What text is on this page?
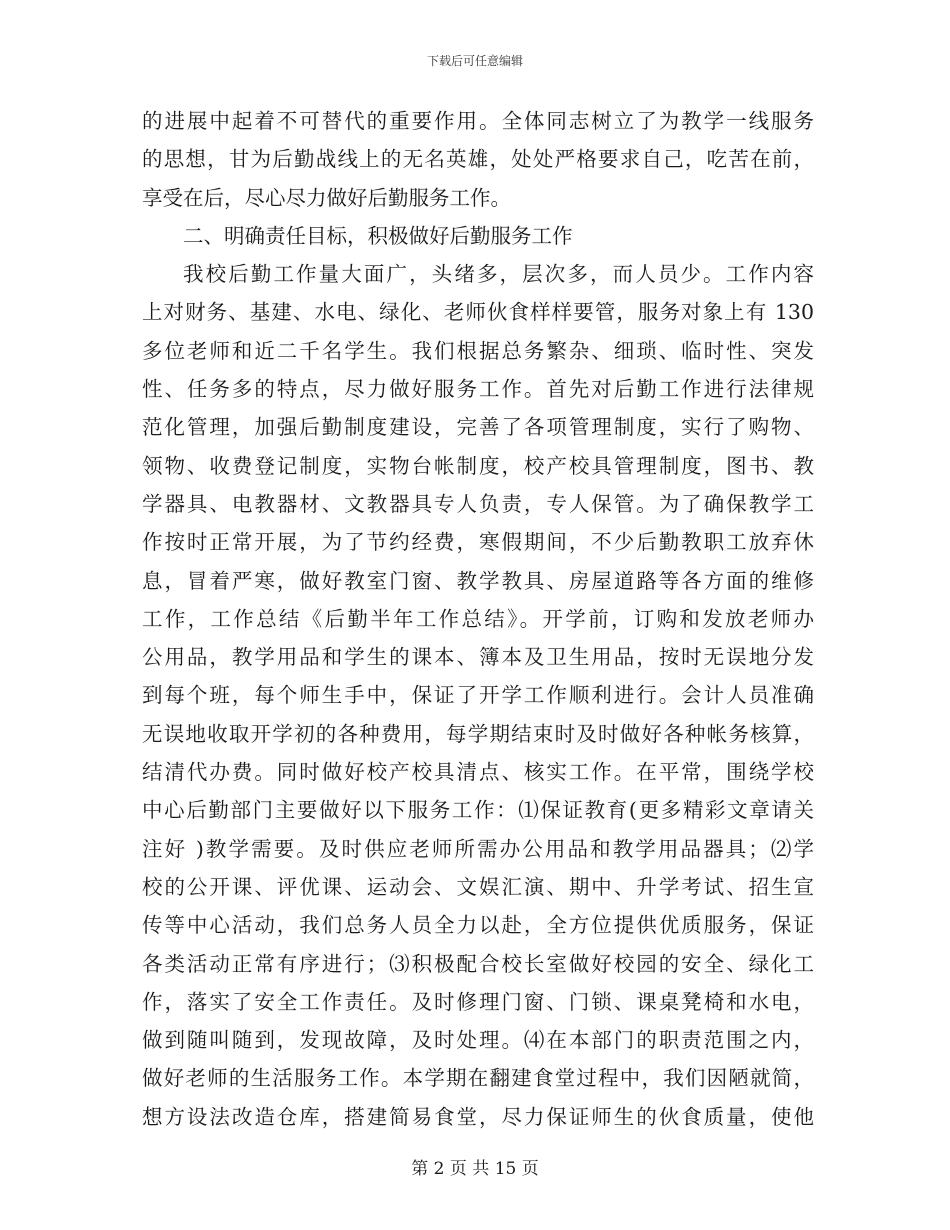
下载后可任意编辑
的进展中起着不可替代的重要作用。全体同志树立了为教学一线服务
的思想，甘为后勤战线上的无名英雄，处处严格要求自己，吃苦在前，
享受在后，尽心尽力做好后勤服务工作。
二、明确责任目标，积极做好后勤服务工作
我校后勤工作量大面广，头绪多，层次多，而人员少。工作内容
上对财务、基建、水电、绿化、老师伙食样样要管，服务对象上有 130
多位老师和近二千名学生。我们根据总务繁杂、细琐、临时性、突发
性、任务多的特点，尽力做好服务工作。首先对后勤工作进行法律规
范化管理，加强后勤制度建设，完善了各项管理制度，实行了购物、
领物、收费登记制度，实物台帐制度，校产校具管理制度，图书、教
学器具、电教器材、文教器具专人负责，专人保管。为了确保教学工
作按时正常开展，为了节约经费，寒假期间，不少后勤教职工放弃休
息，冒着严寒，做好教室门窗、教学教具、房屋道路等各方面的维修
工作，工作总结《后勤半年工作总结》。开学前，订购和发放老师办
公用品，教学用品和学生的课本、簿本及卫生用品，按时无误地分发
到每个班，每个师生手中，保证了开学工作顺利进行。会计人员准确
无误地收取开学初的各种费用，每学期结束时及时做好各种帐务核算，
结清代办费。同时做好校产校具清点、核实工作。在平常，围绕学校
中心后勤部门主要做好以下服务工作：⑴保证教育(更多精彩文章请关
注好 )教学需要。及时供应老师所需办公用品和教学用品器具；⑵学
校的公开课、评优课、运动会、文娱汇演、期中、升学考试、招生宣
传等中心活动，我们总务人员全力以赴，全方位提供优质服务，保证
各类活动正常有序进行；⑶积极配合校长室做好校园的安全、绿化工
作，落实了安全工作责任。及时修理门窗、门锁、课桌凳椅和水电，
做到随叫随到，发现故障，及时处理。⑷在本部门的职责范围之内，
做好老师的生活服务工作。本学期在翻建食堂过程中，我们因陋就简，
想方设法改造仓库，搭建简易食堂，尽力保证师生的伙食质量，使他
第 2 页 共 15 页
